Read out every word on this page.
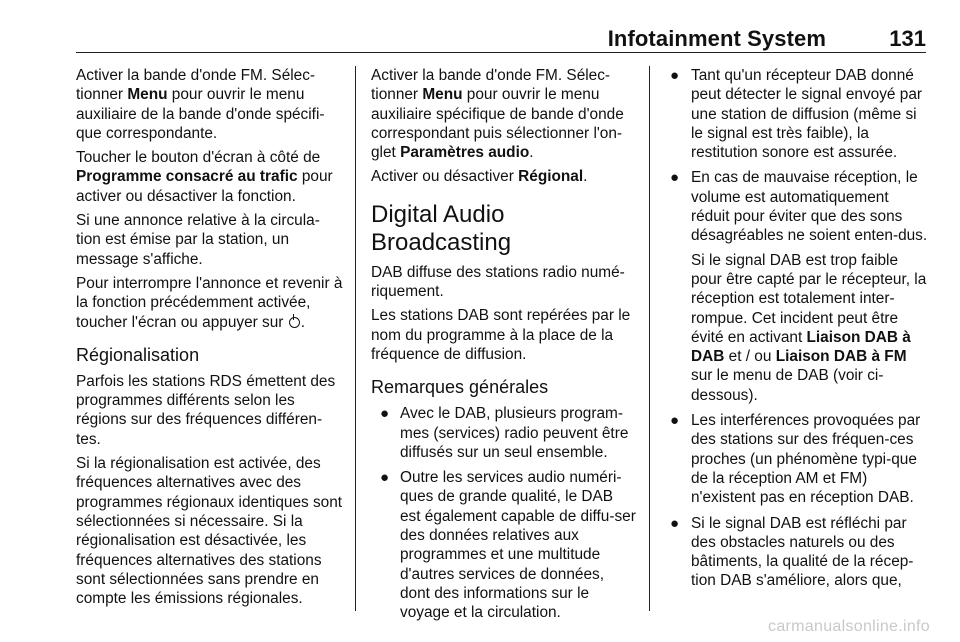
Infotainment System	131

Activer la bande d'onde FM. Sélec-tionner Menu pour ouvrir le menu auxiliaire de la bande d'onde spécifi-que correspondante.

Toucher le bouton d'écran à côté de Programme consacré au trafic pour activer ou désactiver la fonction.

Si une annonce relative à la circula-tion est émise par la station, un message s'affiche.

Pour interrompre l'annonce et revenir à la fonction précédemment activée, toucher l'écran ou appuyer sur .

Régionalisation

Parfois les stations RDS émettent des programmes différents selon les régions sur des fréquences différen-tes.

Si la régionalisation est activée, des fréquences alternatives avec des programmes régionaux identiques sont sélectionnées si nécessaire. Si la régionalisation est désactivée, les fréquences alternatives des stations sont sélectionnées sans prendre en compte les émissions régionales.

Activer la bande d'onde FM. Sélec-tionner Menu pour ouvrir le menu auxiliaire spécifique de bande d'onde correspondant puis sélectionner l'on-glet Paramètres audio.

Activer ou désactiver Régional.

Digital Audio Broadcasting

DAB diffuse des stations radio numé-riquement.

Les stations DAB sont repérées par le nom du programme à la place de la fréquence de diffusion.

Remarques générales
● Avec le DAB, plusieurs program-mes (services) radio peuvent être diffusés sur un seul ensemble.
● Outre les services audio numéri-ques de grande qualité, le DAB est également capable de diffu-ser des données relatives aux programmes et une multitude d'autres services de données, dont des informations sur le voyage et la circulation.
● Tant qu'un récepteur DAB donné peut détecter le signal envoyé par une station de diffusion (même si le signal est très faible), la restitution sonore est assurée.
● En cas de mauvaise réception, le volume est automatiquement réduit pour éviter que des sons désagréables ne soient enten-dus.

Si le signal DAB est trop faible pour être capté par le récepteur, la réception est totalement inter-rompue. Cet incident peut être évité en activant Liaison DAB à DAB et / ou Liaison DAB à FM sur le menu de DAB (voir ci-dessous).

● Les interférences provoquées par des stations sur des fréquen-ces proches (un phénomène typi-que de la réception AM et FM) n'existent pas en réception DAB.
● Si le signal DAB est réfléchi par des obstacles naturels ou des bâtiments, la qualité de la récep-tion DAB s'améliore, alors que,
carmanualsonline.info
